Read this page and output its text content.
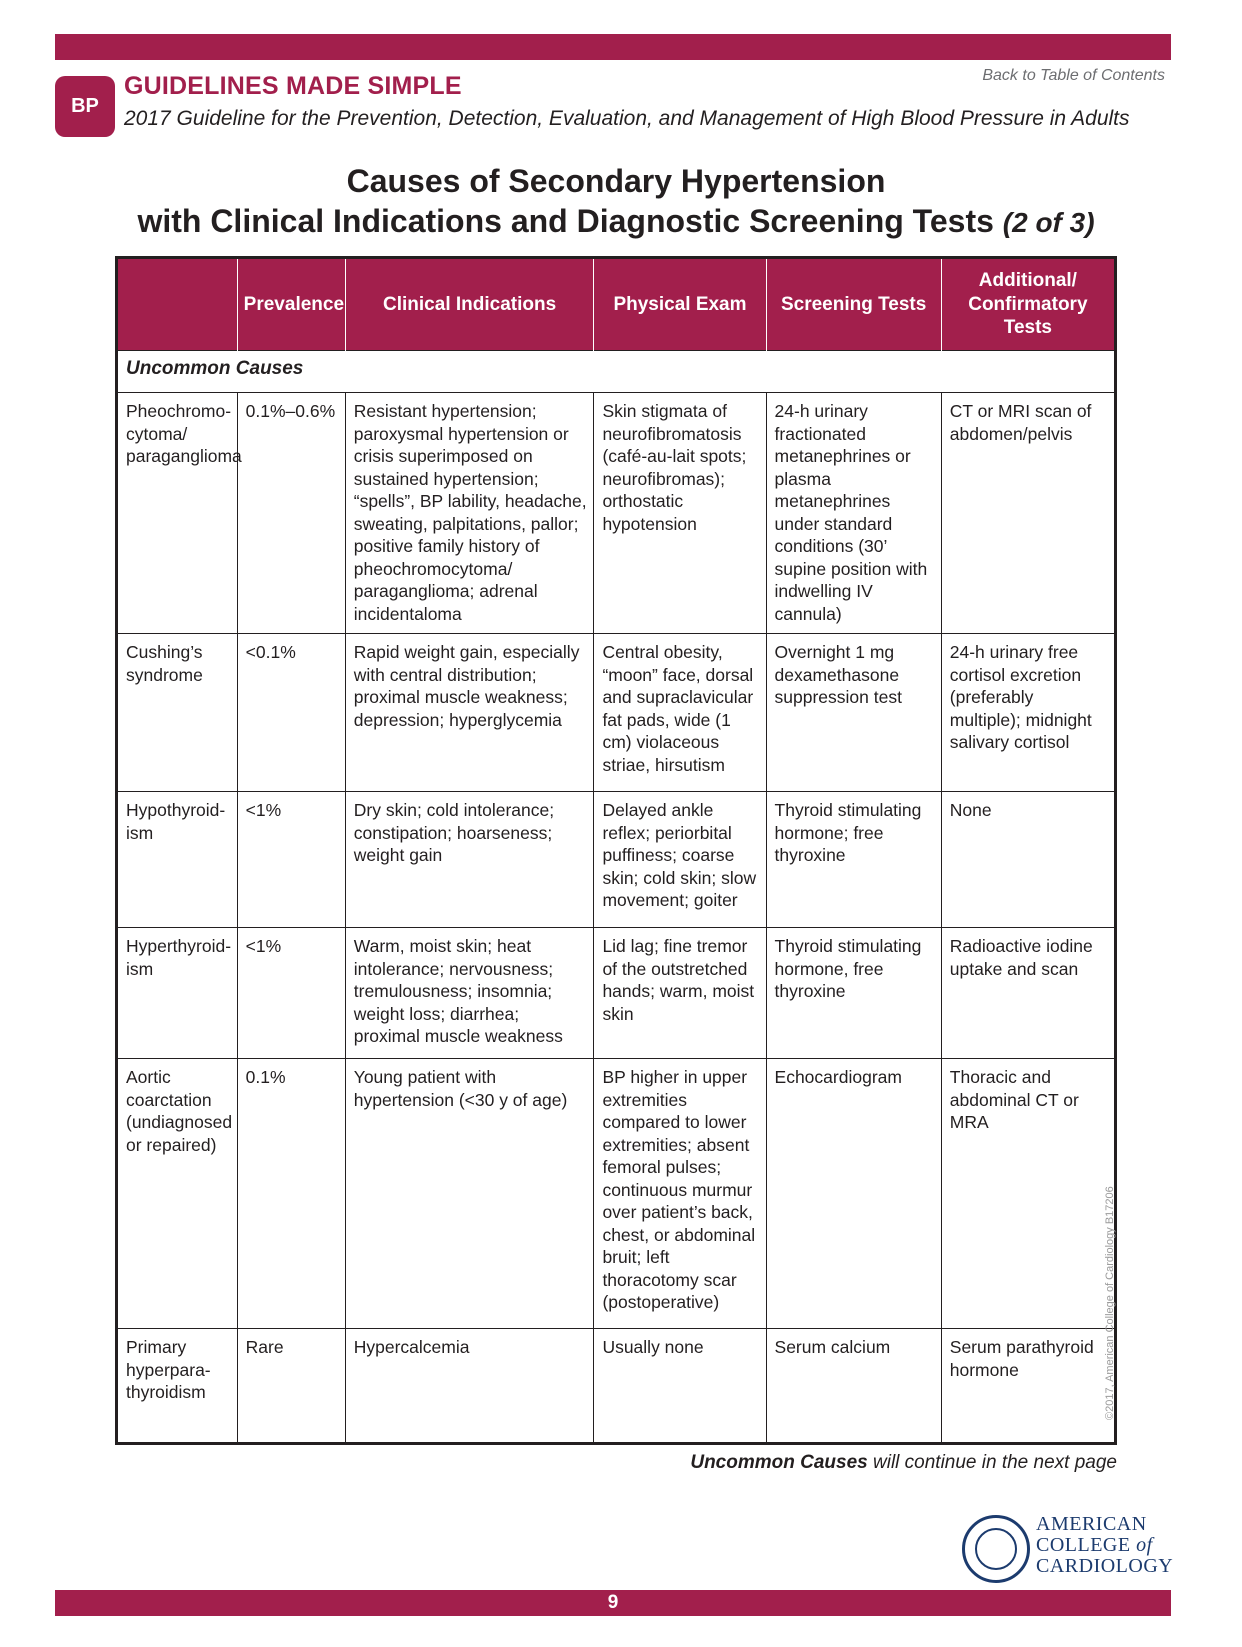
BP
GUIDELINES MADE SIMPLE
2017 Guideline for the Prevention, Detection, Evaluation, and Management of High Blood Pressure in Adults
Back to Table of Contents
Causes of Secondary Hypertension
with Clinical Indications and Diagnostic Screening Tests (2 of 3)
	Prevalence	Clinical Indications	Physical Exam	Screening Tests	Additional/ Confirmatory Tests
Uncommon Causes					
Pheochromo-cytoma/ paraganglioma	0.1%–0.6%	Resistant hypertension; paroxysmal hypertension or crisis superimposed on sustained hypertension; “spells”, BP lability, headache, sweating, palpitations, pallor; positive family history of pheochromocytoma/ paraganglioma; adrenal incidentaloma	Skin stigmata of neurofibromatosis (café-au-lait spots; neurofibromas); orthostatic hypotension	24-h urinary fractionated metanephrines or plasma metanephrines under standard conditions (30’ supine position with indwelling IV cannula)	CT or MRI scan of abdomen/pelvis
Cushing’s syndrome	<0.1%	Rapid weight gain, especially with central distribution; proximal muscle weakness; depression; hyperglycemia	Central obesity, “moon” face, dorsal and supraclavicular fat pads, wide (1 cm) violaceous striae, hirsutism	Overnight 1 mg dexamethasone suppression test	24-h urinary free cortisol excretion (preferably multiple); midnight salivary cortisol
Hypothyroid-ism	<1%	Dry skin; cold intolerance; constipation; hoarseness; weight gain	Delayed ankle reflex; periorbital puffiness; coarse skin; cold skin; slow movement; goiter	Thyroid stimulating hormone; free thyroxine	None
Hyperthyroid-ism	<1%	Warm, moist skin; heat intolerance; nervousness; tremulousness; insomnia; weight loss; diarrhea; proximal muscle weakness	Lid lag; fine tremor of the outstretched hands; warm, moist skin	Thyroid stimulating hormone, free thyroxine	Radioactive iodine uptake and scan
Aortic coarctation (undiagnosed or repaired)	0.1%	Young patient with hypertension (<30 y of age)	BP higher in upper extremities compared to lower extremities; absent femoral pulses; continuous murmur over patient’s back, chest, or abdominal bruit; left thoracotomy scar (postoperative)	Echocardiogram	Thoracic and abdominal CT or MRA
Primary hyperpara-thyroidism	Rare	Hypercalcemia	Usually none	Serum calcium	Serum parathyroid hormone
Uncommon Causes will continue in the next page
©2017, American College of Cardiology B17206
AMERICAN
COLLEGE of
CARDIOLOGY
9
